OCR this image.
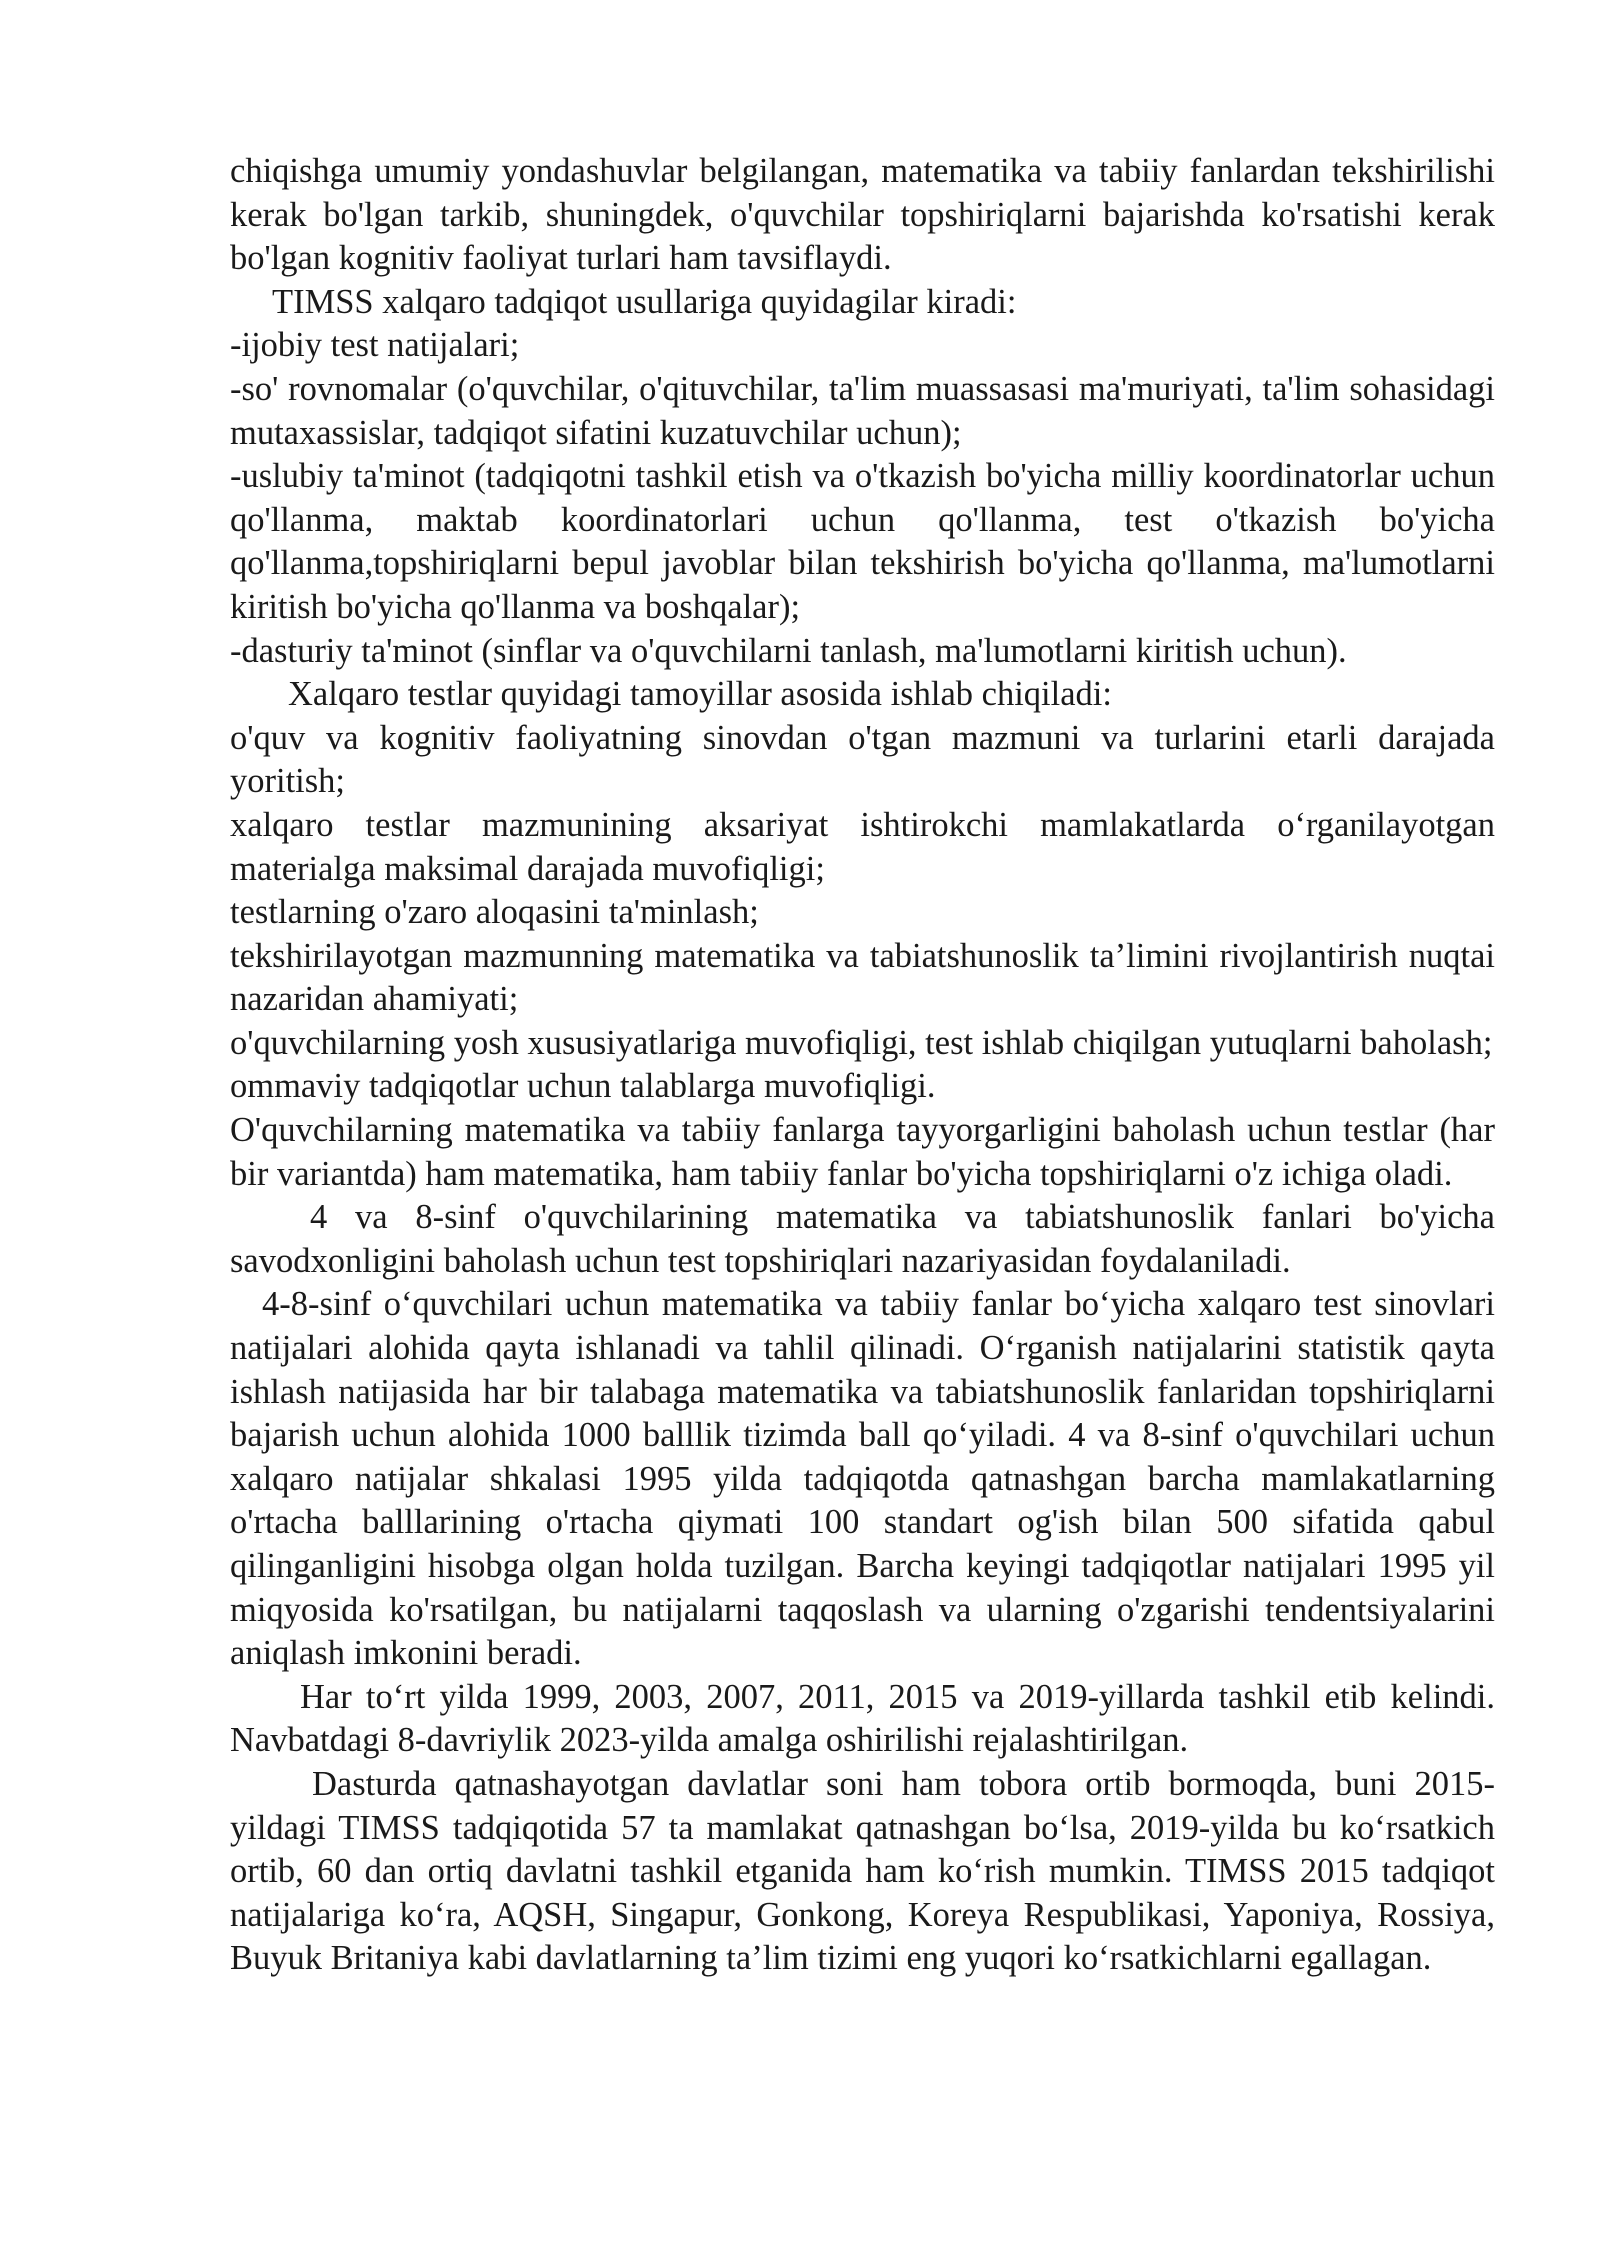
chiqishga umumiy yondashuvlar belgilangan, matematika va tabiiy fanlardan tekshirilishi kerak bo'lgan tarkib, shuningdek, o'quvchilar topshiriqlarni bajarishda ko'rsatishi kerak bo'lgan kognitiv faoliyat turlari ham tavsiflaydi.

TIMSS xalqaro tadqiqot usullariga quyidagilar kiradi:

-ijobiy test natijalari;

-so' rovnomalar (o'quvchilar, o'qituvchilar, ta'lim muassasasi ma'muriyati, ta'lim sohasidagi mutaxassislar, tadqiqot sifatini kuzatuvchilar uchun);

-uslubiy ta'minot (tadqiqotni tashkil etish va o'tkazish bo'yicha milliy koordinatorlar uchun qo'llanma, maktab koordinatorlari uchun qo'llanma, test o'tkazish bo'yicha qo'llanma,topshiriqlarni bepul javoblar bilan tekshirish bo'yicha qo'llanma, ma'lumotlarni kiritish bo'yicha qo'llanma va boshqalar);

-dasturiy ta'minot (sinflar va o'quvchilarni tanlash, ma'lumotlarni kiritish uchun).

Xalqaro testlar quyidagi tamoyillar asosida ishlab chiqiladi:

o'quv va kognitiv faoliyatning sinovdan o'tgan mazmuni va turlarini etarli darajada yoritish;

xalqaro testlar mazmunining aksariyat ishtirokchi mamlakatlarda o‘rganilayotgan materialga maksimal darajada muvofiqligi;

testlarning o'zaro aloqasini ta'minlash;

tekshirilayotgan mazmunning matematika va tabiatshunoslik ta’limini rivojlantirish nuqtai nazaridan ahamiyati;

o'quvchilarning yosh xususiyatlariga muvofiqligi, test ishlab chiqilgan yutuqlarni baholash;

ommaviy tadqiqotlar uchun talablarga muvofiqligi.

O'quvchilarning matematika va tabiiy fanlarga tayyorgarligini baholash uchun testlar (har bir variantda) ham matematika, ham tabiiy fanlar bo'yicha topshiriqlarni o'z ichiga oladi.

4 va 8-sinf o'quvchilarining matematika va tabiatshunoslik fanlari bo'yicha savodxonligini baholash uchun test topshiriqlari nazariyasidan foydalaniladi.

4-8-sinf o‘quvchilari uchun matematika va tabiiy fanlar bo‘yicha xalqaro test sinovlari natijalari alohida qayta ishlanadi va tahlil qilinadi. O‘rganish natijalarini statistik qayta ishlash natijasida har bir talabaga matematika va tabiatshunoslik fanlaridan topshiriqlarni bajarish uchun alohida 1000 balllik tizimda ball qo‘yiladi. 4 va 8-sinf o'quvchilari uchun xalqaro natijalar shkalasi 1995 yilda tadqiqotda qatnashgan barcha mamlakatlarning o'rtacha balllarining o'rtacha qiymati 100 standart og'ish bilan 500 sifatida qabul qilinganligini hisobga olgan holda tuzilgan. Barcha keyingi tadqiqotlar natijalari 1995 yil miqyosida ko'rsatilgan, bu natijalarni taqqoslash va ularning o'zgarishi tendentsiyalarini aniqlash imkonini beradi.

Har to‘rt yilda 1999, 2003, 2007, 2011, 2015 va 2019-yillarda tashkil etib kelindi. Navbatdagi 8-davriylik 2023-yilda amalga oshirilishi rejalashtirilgan.

Dasturda qatnashayotgan davlatlar soni ham tobora ortib bormoqda, buni 2015-yildagi TIMSS tadqiqotida 57 ta mamlakat qatnashgan bo‘lsa, 2019-yilda bu ko‘rsatkich ortib, 60 dan ortiq davlatni tashkil etganida ham ko‘rish mumkin. TIMSS 2015 tadqiqot natijalariga ko‘ra, AQSH, Singapur, Gonkong, Koreya Respublikasi, Yaponiya, Rossiya, Buyuk Britaniya kabi davlatlarning ta’lim tizimi eng yuqori ko‘rsatkichlarni egallagan.
